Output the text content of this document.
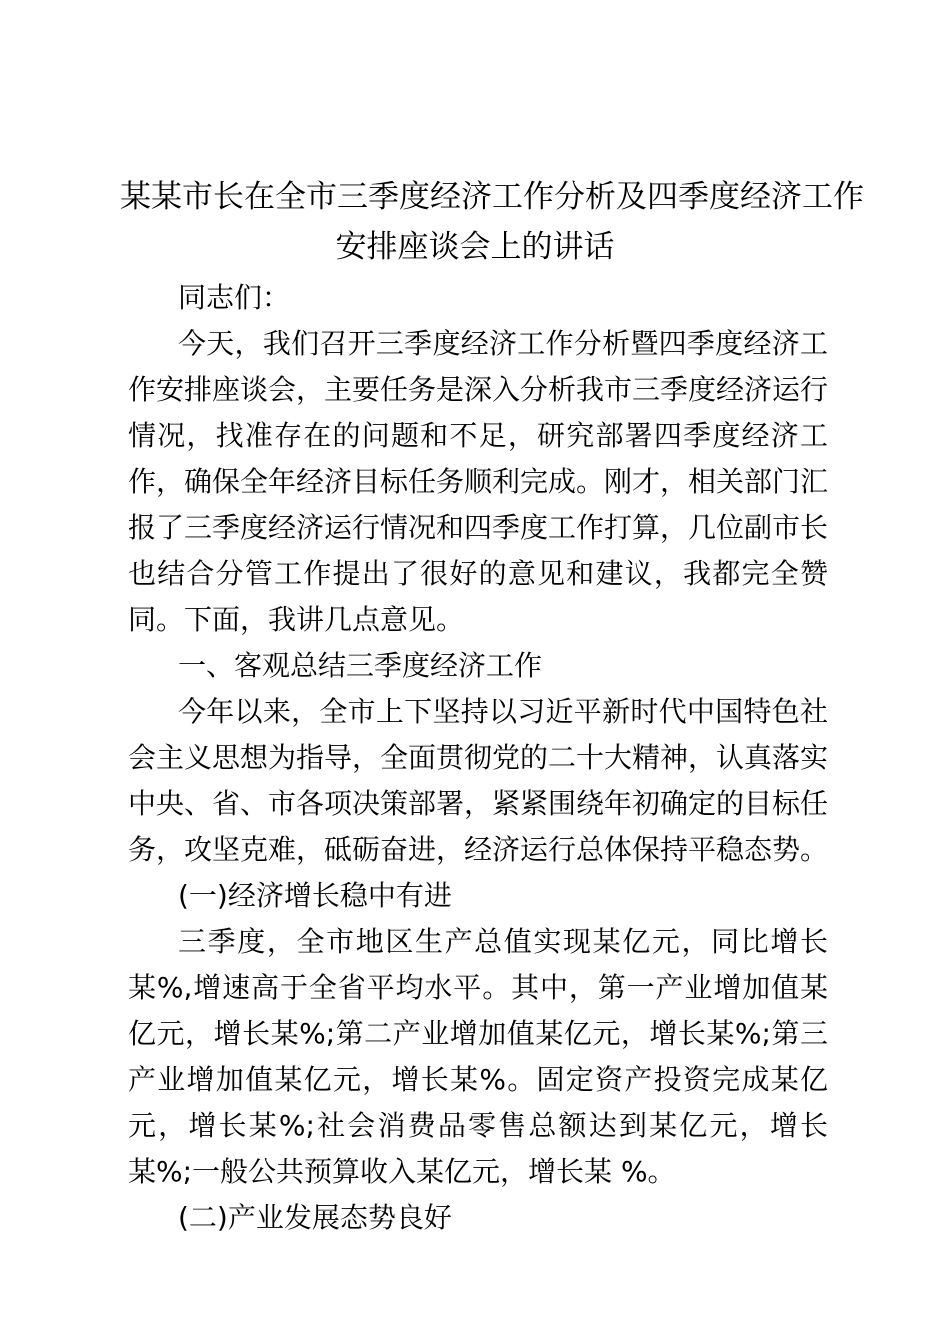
某某市长在全市三季度经济工作分析及四季度经济工作
安排座谈会上的讲话

同志们：

今天，我们召开三季度经济工作分析暨四季度经济工作安排座谈会，主要任务是深入分析我市三季度经济运行情况，找准存在的问题和不足，研究部署四季度经济工作，确保全年经济目标任务顺利完成。刚才，相关部门汇报了三季度经济运行情况和四季度工作打算，几位副市长也结合分管工作提出了很好的意见和建议，我都完全赞同。下面，我讲几点意见。

一、客观总结三季度经济工作

今年以来，全市上下坚持以习近平新时代中国特色社会主义思想为指导，全面贯彻党的二十大精神，认真落实中央、省、市各项决策部署，紧紧围绕年初确定的目标任务，攻坚克难，砥砺奋进，经济运行总体保持平稳态势。

(一)经济增长稳中有进

三季度，全市地区生产总值实现某亿元，同比增长某%,增速高于全省平均水平。其中，第一产业增加值某亿元，增长某%;第二产业增加值某亿元，增长某%;第三产业增加值某亿元，增长某%。固定资产投资完成某亿元，增长某%;社会消费品零售总额达到某亿元，增长某%;一般公共预算收入某亿元，增长某 %。

(二)产业发展态势良好
